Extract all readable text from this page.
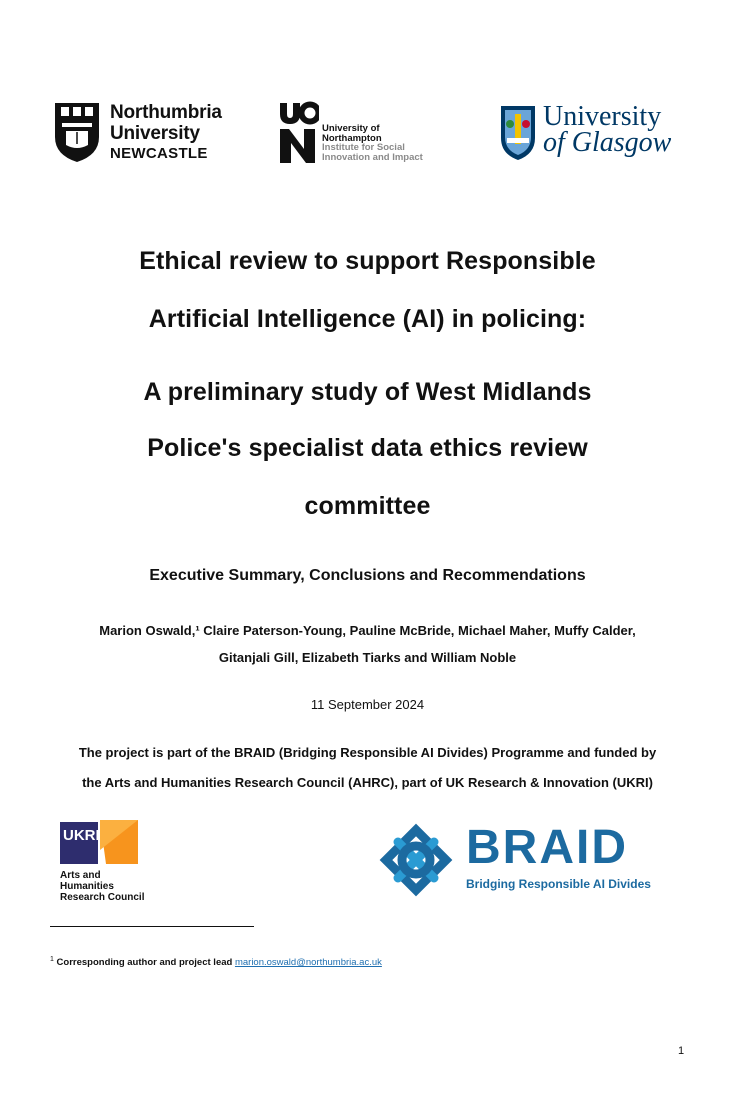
Northumbria
University
NEWCASTLE
University of
Northampton
Institute for Social
Innovation and Impact
University
of Glasgow
Ethical review to support Responsible
Artificial Intelligence (AI) in policing:
A preliminary study of West Midlands
Police's specialist data ethics review
committee
Executive Summary, Conclusions and Recommendations
Marion Oswald,¹ Claire Paterson-Young, Pauline McBride, Michael Maher, Muffy Calder,
Gitanjali Gill, Elizabeth Tiarks and William Noble
11 September 2024
The project is part of the BRAID (Bridging Responsible AI Divides) Programme and funded by
the Arts and Humanities Research Council (AHRC), part of UK Research & Innovation (UKRI)
UKRI
Arts and
Humanities
Research Council
BRAID
Bridging Responsible AI Divides
$^1$ Corresponding author and project lead marion.oswald@northumbria.ac.uk
1
